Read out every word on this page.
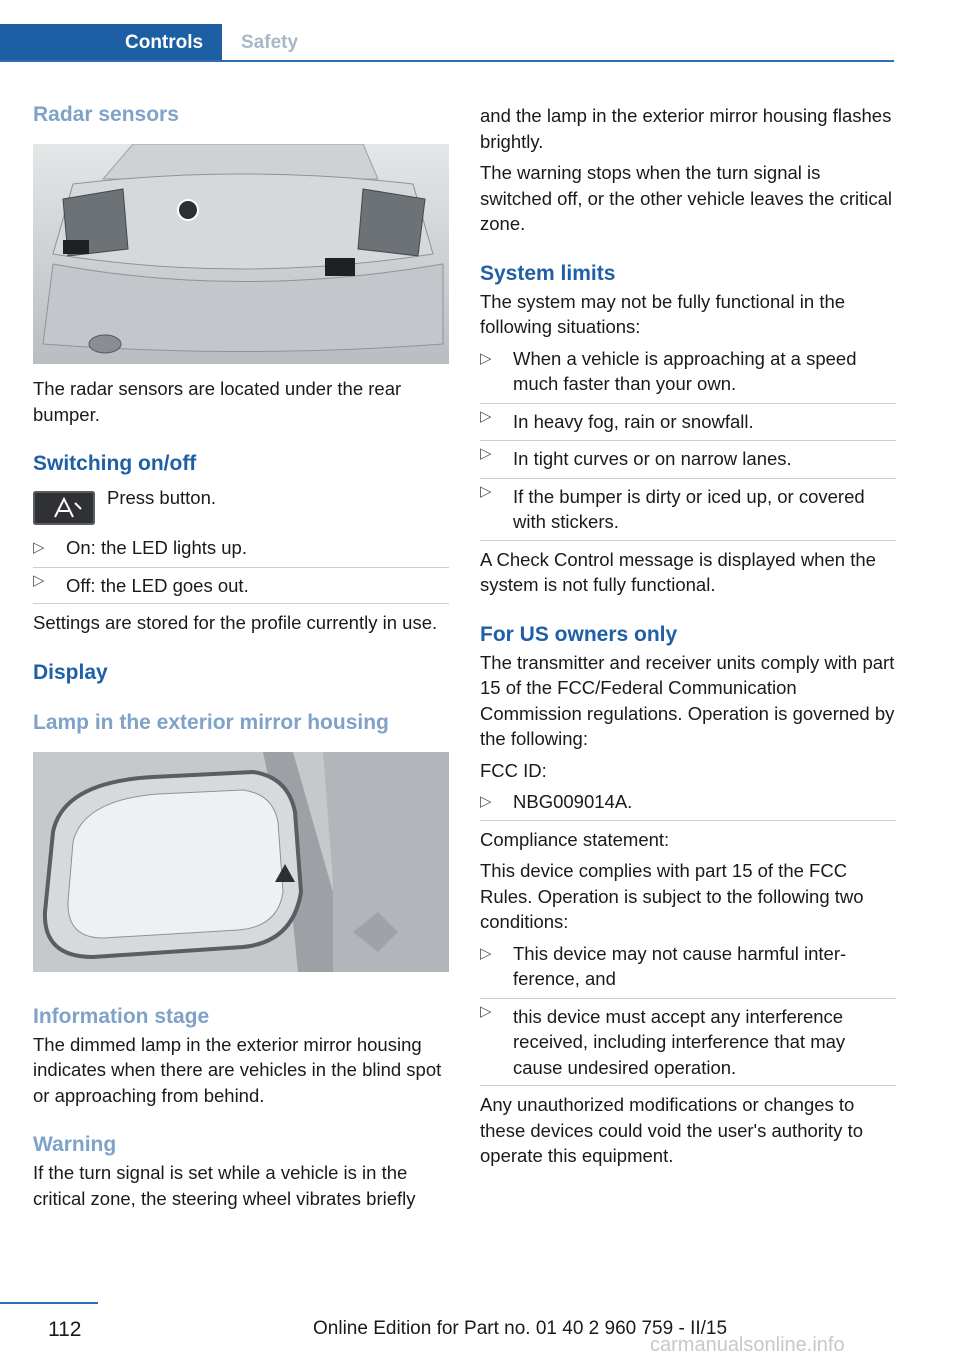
Controls	Safety
Radar sensors
The radar sensors are located under the rear bumper.
Switching on/off
Press button.
▷ On: the LED lights up.
▷ Off: the LED goes out.
Settings are stored for the profile currently in use.
Display
Lamp in the exterior mirror housing
Information stage
The dimmed lamp in the exterior mirror housing indicates when there are vehicles in the blind spot or approaching from behind.
Warning
If the turn signal is set while a vehicle is in the critical zone, the steering wheel vibrates briefly
and the lamp in the exterior mirror housing flashes brightly.
The warning stops when the turn signal is switched off, or the other vehicle leaves the critical zone.
System limits
The system may not be fully functional in the following situations:
▷ When a vehicle is approaching at a speed much faster than your own.
▷ In heavy fog, rain or snowfall.
▷ In tight curves or on narrow lanes.
▷ If the bumper is dirty or iced up, or covered with stickers.
A Check Control message is displayed when the system is not fully functional.
For US owners only
The transmitter and receiver units comply with part 15 of the FCC/Federal Communication Commission regulations. Operation is governed by the following:
FCC ID:
▷ NBG009014A.
Compliance statement:
This device complies with part 15 of the FCC Rules. Operation is subject to the following two conditions:
▷ This device may not cause harmful interference, and
▷ this device must accept any interference received, including interference that may cause undesired operation.
Any unauthorized modifications or changes to these devices could void the user's authority to operate this equipment.
112	Online Edition for Part no. 01 40 2 960 759 - II/15
carmanualsonline.info
